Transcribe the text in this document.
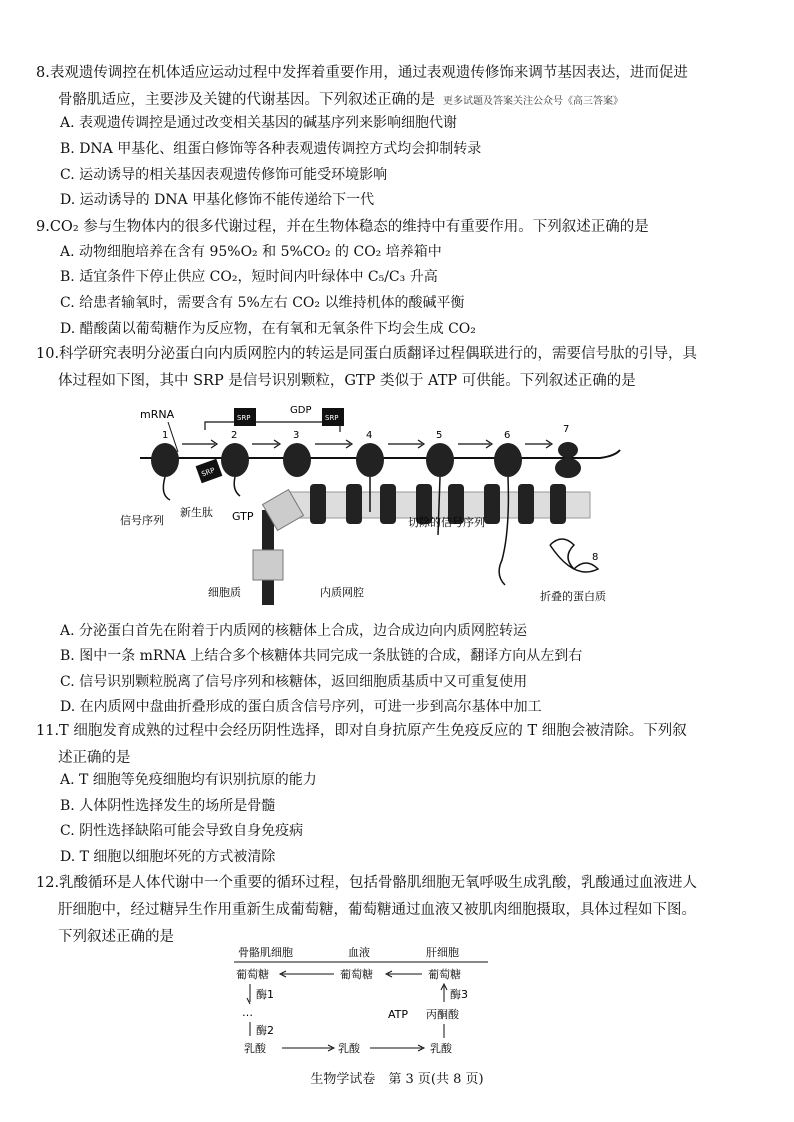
8.表观遗传调控在机体适应运动过程中发挥着重要作用，通过表观遗传修饰来调节基因表达，进而促进
骨骼肌适应，主要涉及关键的代谢基因。下列叙述正确的是 更多试题及答案关注公众号《高三答案》
A. 表观遗传调控是通过改变相关基因的碱基序列来影响细胞代谢
B. DNA 甲基化、组蛋白修饰等各种表观遗传调控方式均会抑制转录
C. 运动诱导的相关基因表观遗传修饰可能受环境影响
D. 运动诱导的 DNA 甲基化修饰不能传递给下一代
9.CO₂ 参与生物体内的很多代谢过程，并在生物体稳态的维持中有重要作用。下列叙述正确的是
A. 动物细胞培养在含有 95%O₂ 和 5%CO₂ 的 CO₂ 培养箱中
B. 适宜条件下停止供应 CO₂，短时间内叶绿体中 C₅/C₃ 升高
C. 给患者输氧时，需要含有 5%左右 CO₂ 以维持机体的酸碱平衡
D. 醋酸菌以葡萄糖作为反应物，在有氧和无氧条件下均会生成 CO₂
10.科学研究表明分泌蛋白向内质网腔内的转运是同蛋白质翻译过程偶联进行的，需要信号肽的引导，具
体过程如下图，其中 SRP 是信号识别颗粒，GTP 类似于 ATP 可供能。下列叙述正确的是
mRNA
1	2	3	4	5	6
7
8
SRP	SRP
GDP
SRP
新生肽
信号序列	GTP	切除的信号序列
细胞质	内质网腔	折叠的蛋白质
A. 分泌蛋白首先在附着于内质网的核糖体上合成，边合成边向内质网腔转运
B. 图中一条 mRNA 上结合多个核糖体共同完成一条肽链的合成，翻译方向从左到右
C. 信号识别颗粒脱离了信号序列和核糖体，返回细胞质基质中又可重复使用
D. 在内质网中盘曲折叠形成的蛋白质含信号序列，可进一步到高尔基体中加工
11.T 细胞发育成熟的过程中会经历阴性选择，即对自身抗原产生免疫反应的 T 细胞会被清除。下列叙
述正确的是
A. T 细胞等免疫细胞均有识别抗原的能力
B. 人体阴性选择发生的场所是骨髓
C. 阴性选择缺陷可能会导致自身免疫病
D. T 细胞以细胞坏死的方式被清除
12.乳酸循环是人体代谢中一个重要的循环过程，包括骨骼肌细胞无氧呼吸生成乳酸，乳酸通过血液进人
肝细胞中，经过糖异生作用重新生成葡萄糖，葡萄糖通过血液又被肌肉细胞摄取，具体过程如下图。
下列叙述正确的是
骨骼肌细胞	血液	肝细胞
葡萄糖	葡萄糖	葡萄糖
酶1
…
酶2
酶3
ATP 丙酮酸
乳酸	乳酸	乳酸
生物学试卷　第 3 页(共 8 页)
